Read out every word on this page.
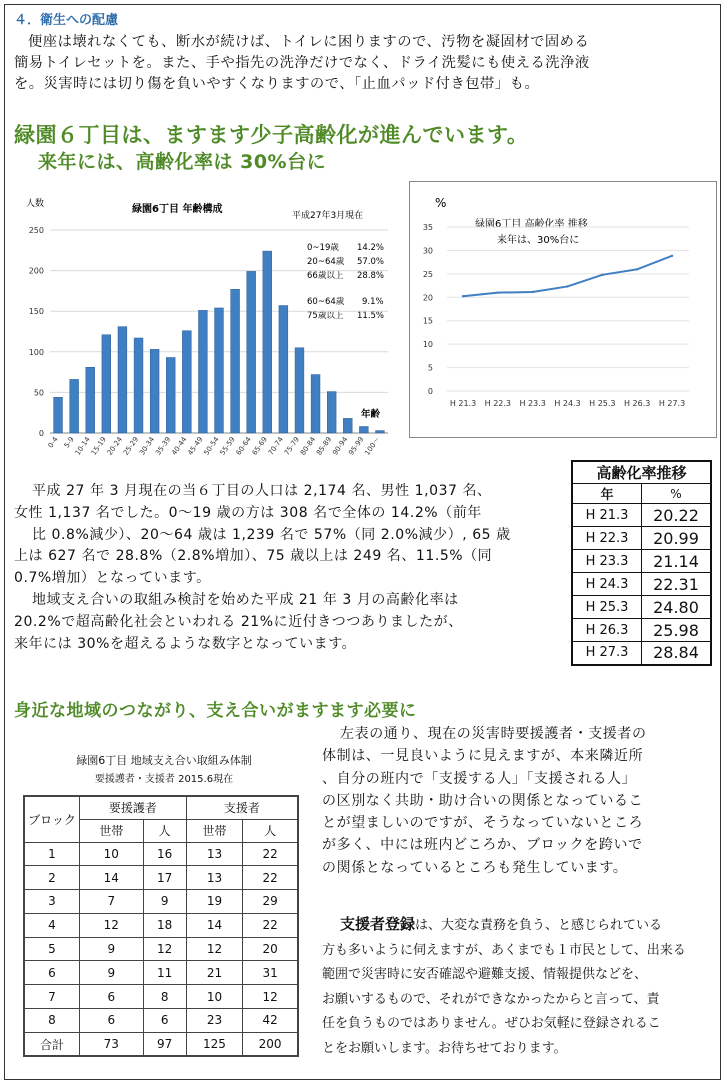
４．衛生への配慮
便座は壊れなくても、断水が続けば、トイレに困りますので、汚物を凝固材で固める
簡易トイレセットを。また、手や指先の洗浄だけでなく、ドライ洗髪にも使える洗浄液
を。災害時には切り傷を負いやすくなりますので、「止血パッド付き包帯」も。
緑園６丁目は、ますます少子高齢化が進んでいます。
来年には、高齢化率は 30%台に
人数	緑園6丁目 年齢構成
平成27年3月現在
0~19歳 14.2%
20~64歳 57.0%
66歳以上 28.8%
60~64歳 9.1%
75歳以上 11.5%
年齢
0
50
100
150
200
250
0-4 5-9
10-14
15-19
20-24
25-29
30-34
35-39
40-44
45-49
50-54
55-59
60-64
65-69
70-74
75-79
80-84
85-89
90-94
95-99
100～
%
緑園6丁目 高齢化率 推移
来年は、30%台に
0
5
10
15
20
25
30
35
H 21.3 H 22.3 H 23.3 H 24.3 H 25.3 H 26.3 H 27.3
高齢化率推移	
年	%
H 21.3	20.22
H 22.3	20.99
H 23.3	21.14
H 24.3	22.31
H 25.3	24.80
H 26.3	25.98
H 27.3	28.84
平成 27 年 3 月現在の当６丁目の人口は 2,174 名、男性 1,037 名、
女性 1,137 名でした。0～19 歳の方は 308 名で全体の 14.2%（前年
比 0.8%減少）、20～64 歳は 1,239 名で 57%（同 2.0%減少）, 65 歳
上は 627 名で 28.8%（2.8%増加）、75 歳以上は 249 名、11.5%（同
0.7%増加）となっています。
地域支え合いの取組み検討を始めた平成 21 年 3 月の高齢化率は
20.2%で超高齢化社会といわれる 21%に近付きつつありましたが、
来年には 30%を超えるような数字となっています。
身近な地域のつながり、支え合いがますます必要に
緑園6丁目 地域支え合い取組み体制
要援護者・支援者 2015.6現在
ブロック	要援護者		支援者	
	世帯	人	世帯	人
1	10	16	13	22
2	14	17	13	22
3	7	9	19	29
4	12	18	14	22
5	9	12	12	20
6	9	11	21	31
7	6	8	10	12
8	6	6	23	42
合計	73	97	125	200
左表の通り、現在の災害時要援護者・支援者の
体制は、一見良いように見えますが、本来隣近所
、自分の班内で「支援する人」「支援される人」
の区別なく共助・助け合いの関係となっているこ
とが望ましいのですが、そうなっていないところ
が多く、中には班内どころか、ブロックを跨いで
の関係となっているところも発生しています。
支援者登録は、大変な責務を負う、と感じられている
方も多いように伺えますが、あくまでも１市民として、出来る
範囲で災害時に安否確認や避難支援、情報提供などを、
お願いするもので、それができなかったからと言って、責
任を負うものではありません。ぜひお気軽に登録されるこ
とをお願いします。お待ちせております。
